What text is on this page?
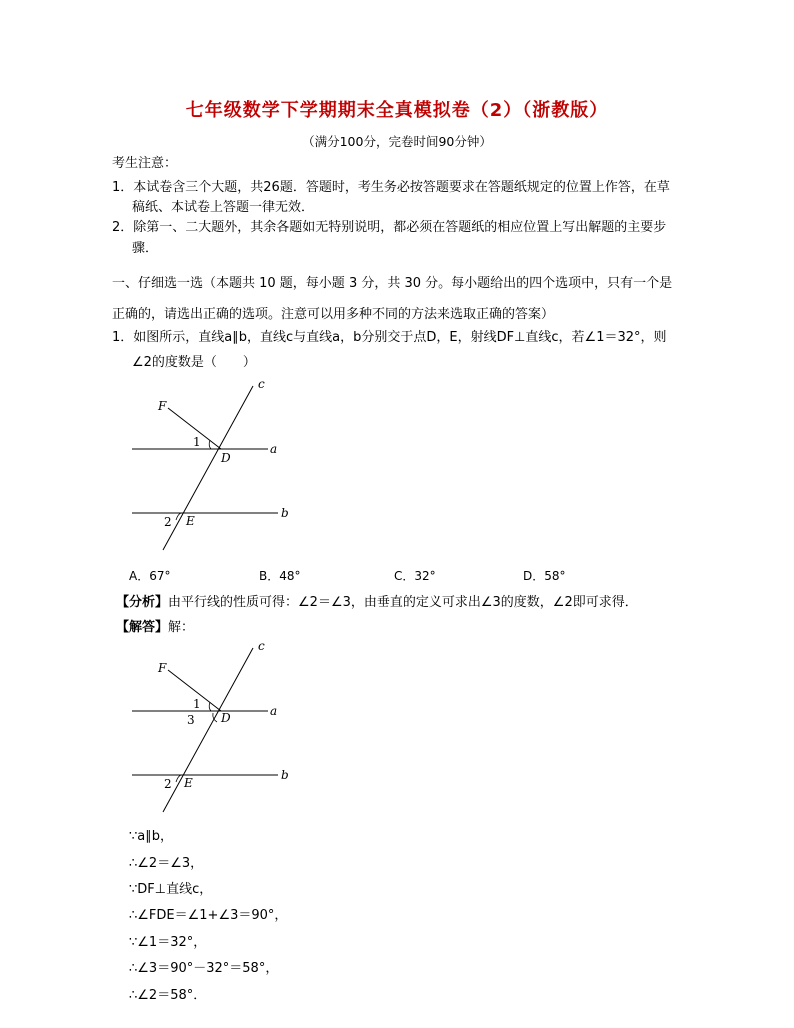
七年级数学下学期期末全真模拟卷（2）（浙教版）
（满分100分，完卷时间90分钟）
考生注意：
1．本试卷含三个大题，共26题．答题时，考生务必按答题要求在答题纸规定的位置上作答，在草
稿纸、本试卷上答题一律无效．
2．除第一、二大题外，其余各题如无特别说明，都必须在答题纸的相应位置上写出解题的主要步
骤．
一、仔细选一选（本题共 10 题，每小题 3 分，共 30 分。每小题给出的四个选项中，只有一个是
正确的，请选出正确的选项。注意可以用多种不同的方法来选取正确的答案）
1．如图所示，直线a∥b，直线c与直线a，b分别交于点D，E，射线DF⊥直线c，若∠1＝32°，则
∠2的度数是（　　）
c
F
1
D
a
2 E
b
A．67°	B．48°	C．32°	D．58°
【分析】由平行线的性质可得：∠2＝∠3，由垂直的定义可求出∠3的度数，∠2即可求得．
【解答】解：
c
F
1
3 D	a
2 E
b
∵a∥b，
∴∠2＝∠3，
∵DF⊥直线c，
∴∠FDE＝∠1+∠3＝90°，
∵∠1＝32°，
∴∠3＝90°－32°＝58°，
∴∠2＝58°．
